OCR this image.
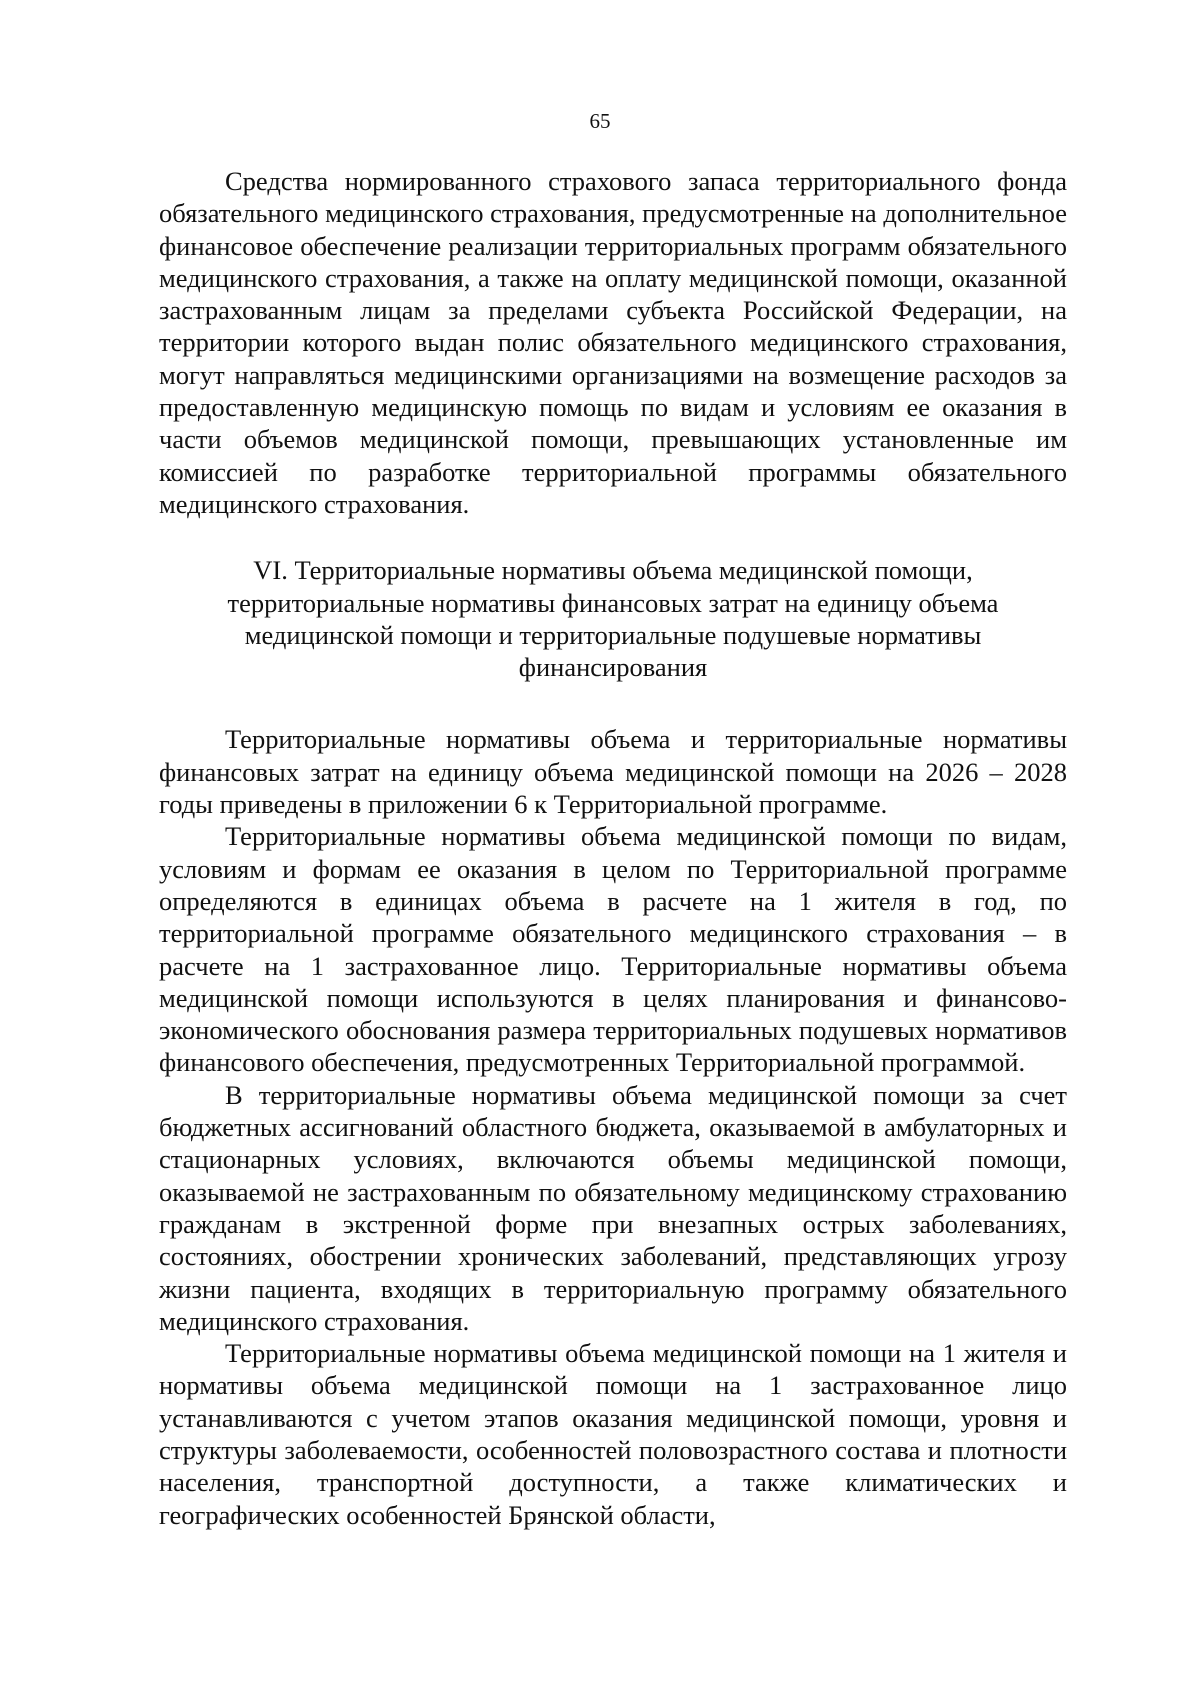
65

Средства нормированного страхового запаса территориального фонда обязательного медицинского страхования, предусмотренные на дополнительное финансовое обеспечение реализации территориальных программ обязательного медицинского страхования, а также на оплату медицинской помощи, оказанной застрахованным лицам за пределами субъекта Российской Федерации, на территории которого выдан полис обязательного медицинского страхования, могут направляться медицинскими организациями на возмещение расходов за предоставленную медицинскую помощь по видам и условиям ее оказания в части объемов медицинской помощи, превышающих установленные им комиссией по разработке территориальной программы обязательного медицинского страхования.

VI. Территориальные нормативы объема медицинской помощи,
территориальные нормативы финансовых затрат на единицу объема
медицинской помощи и территориальные подушевые нормативы
финансирования

Территориальные нормативы объема и территориальные нормативы финансовых затрат на единицу объема медицинской помощи на 2026 – 2028 годы приведены в приложении 6 к Территориальной программе.

Территориальные нормативы объема медицинской помощи по видам, условиям и формам ее оказания в целом по Территориальной программе определяются в единицах объема в расчете на 1 жителя в год, по территориальной программе обязательного медицинского страхования – в расчете на 1 застрахованное лицо. Территориальные нормативы объема медицинской помощи используются в целях планирования и финансово-экономического обоснования размера территориальных подушевых нормативов финансового обеспечения, предусмотренных Территориальной программой.

В территориальные нормативы объема медицинской помощи за счет бюджетных ассигнований областного бюджета, оказываемой в амбулаторных и стационарных условиях, включаются объемы медицинской помощи, оказываемой не застрахованным по обязательному медицинскому страхованию гражданам в экстренной форме при внезапных острых заболеваниях, состояниях, обострении хронических заболеваний, представляющих угрозу жизни пациента, входящих в территориальную программу обязательного медицинского страхования.

Территориальные нормативы объема медицинской помощи на 1 жителя и нормативы объема медицинской помощи на 1 застрахованное лицо устанавливаются с учетом этапов оказания медицинской помощи, уровня и структуры заболеваемости, особенностей половозрастного состава и плотности населения, транспортной доступности, а также климатических и географических особенностей Брянской области,
